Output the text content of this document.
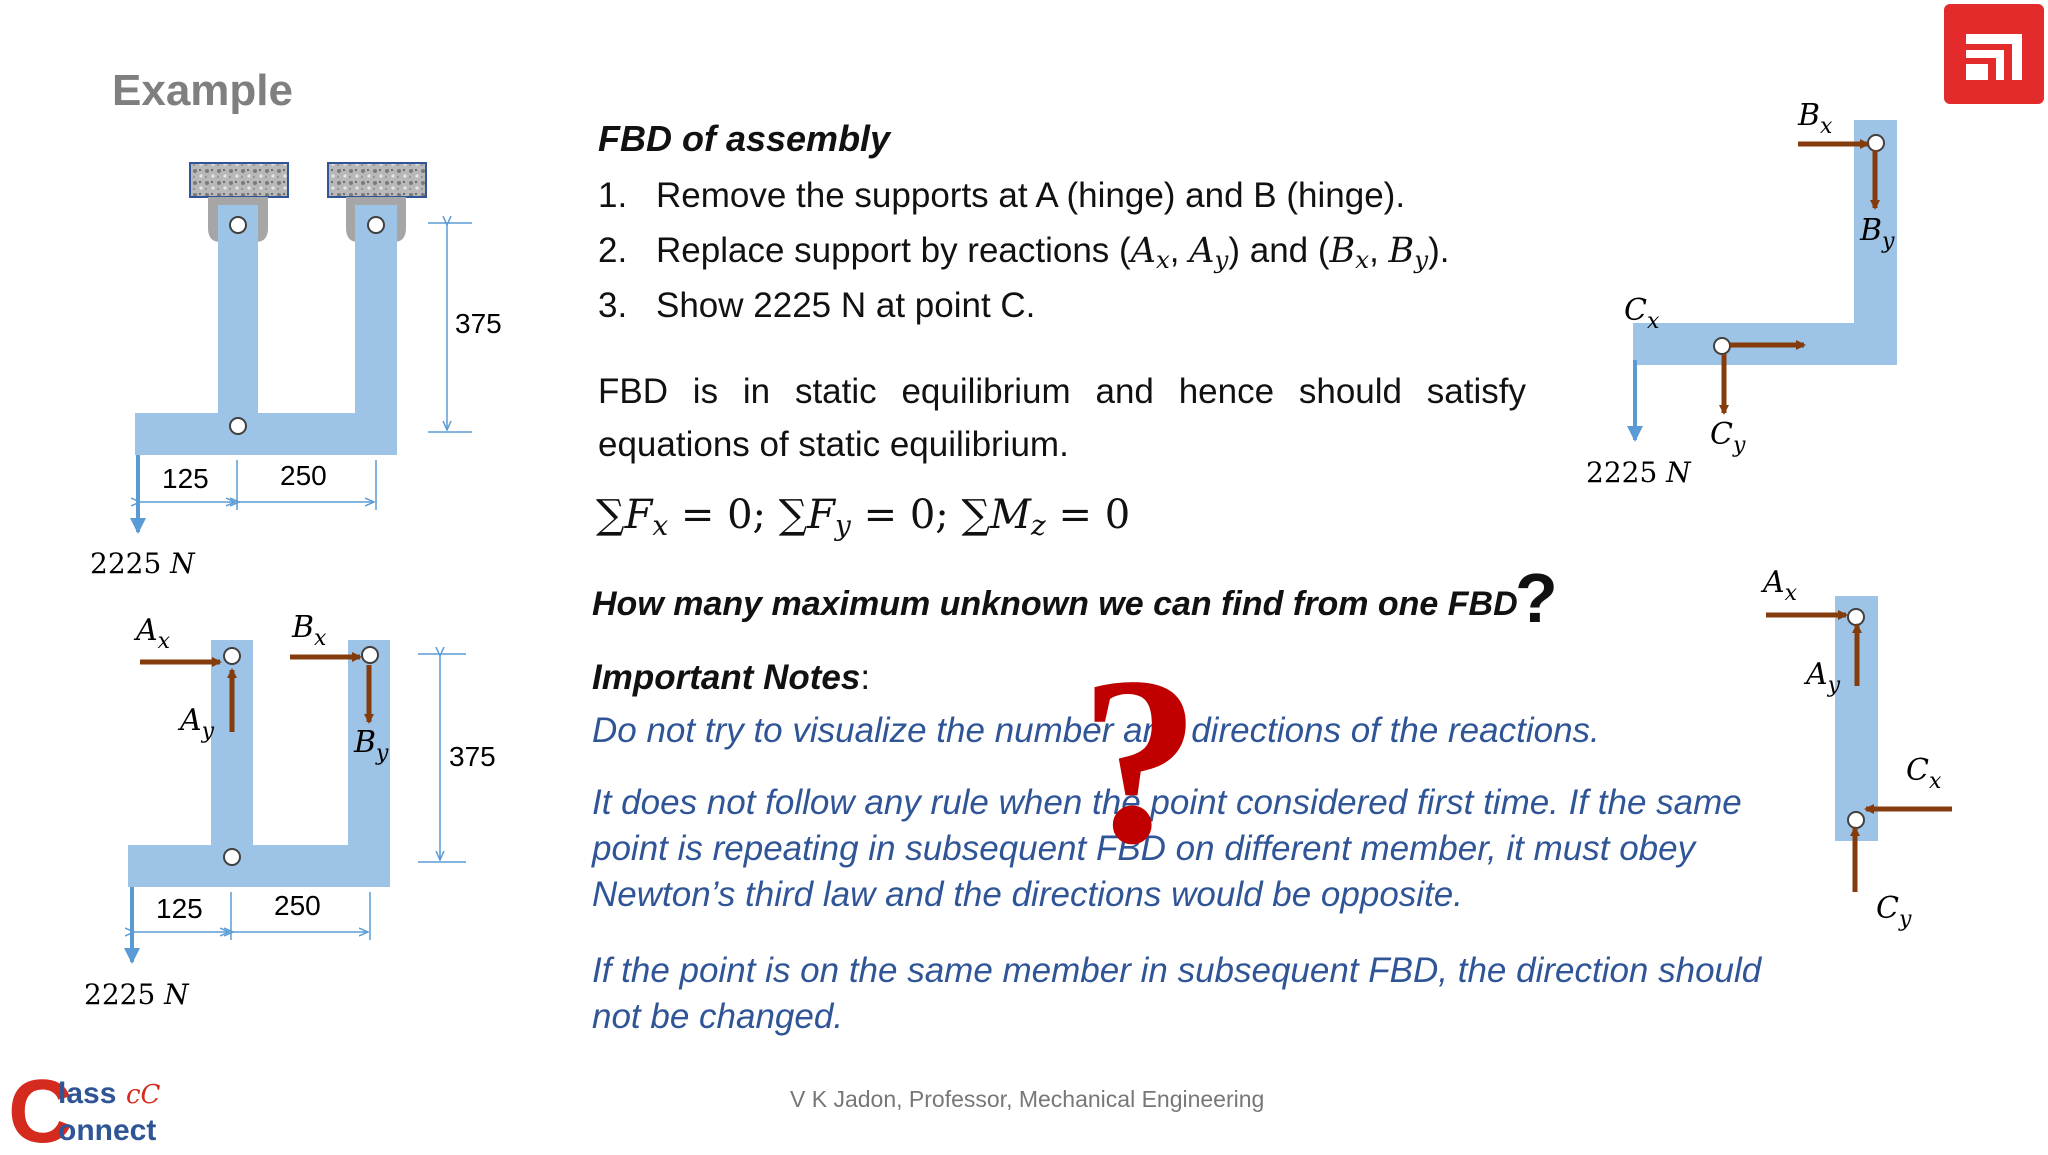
Example
FBD of assembly
1. Remove the supports at A (hinge) and B (hinge).
2. Replace support by reactions ($A_x$, $A_y$) and ($B_x$, $B_y$).
3. Show 2225 N at point C.
FBD is in static equilibrium and hence should satisfy equations of static equilibrium.
$\sum F_x = 0$; $\sum F_y = 0$; $\sum M_z = 0$
How many maximum unknown we can find from one FBD
?
Important Notes:
Do not try to visualize the number and directions of the reactions.
It does not follow any rule when the point considered first time. If the same point is repeating in subsequent FBD on different member, it must obey Newton’s third law and the directions would be opposite.
If the point is on the same member in subsequent FBD, the direction should not be changed.
?
V K Jadon, Professor, Mechanical Engineering
C
lass
onnect
cC
2225 N
375
125	250
$A_x$
$A_y$
$B_x$
$B_y$
2225 N
375
125	250
$B_x$
$B_y$
$C_x$
$C_y$
2225 N
$A_x$
$A_y$
$C_x$
$C_y$
